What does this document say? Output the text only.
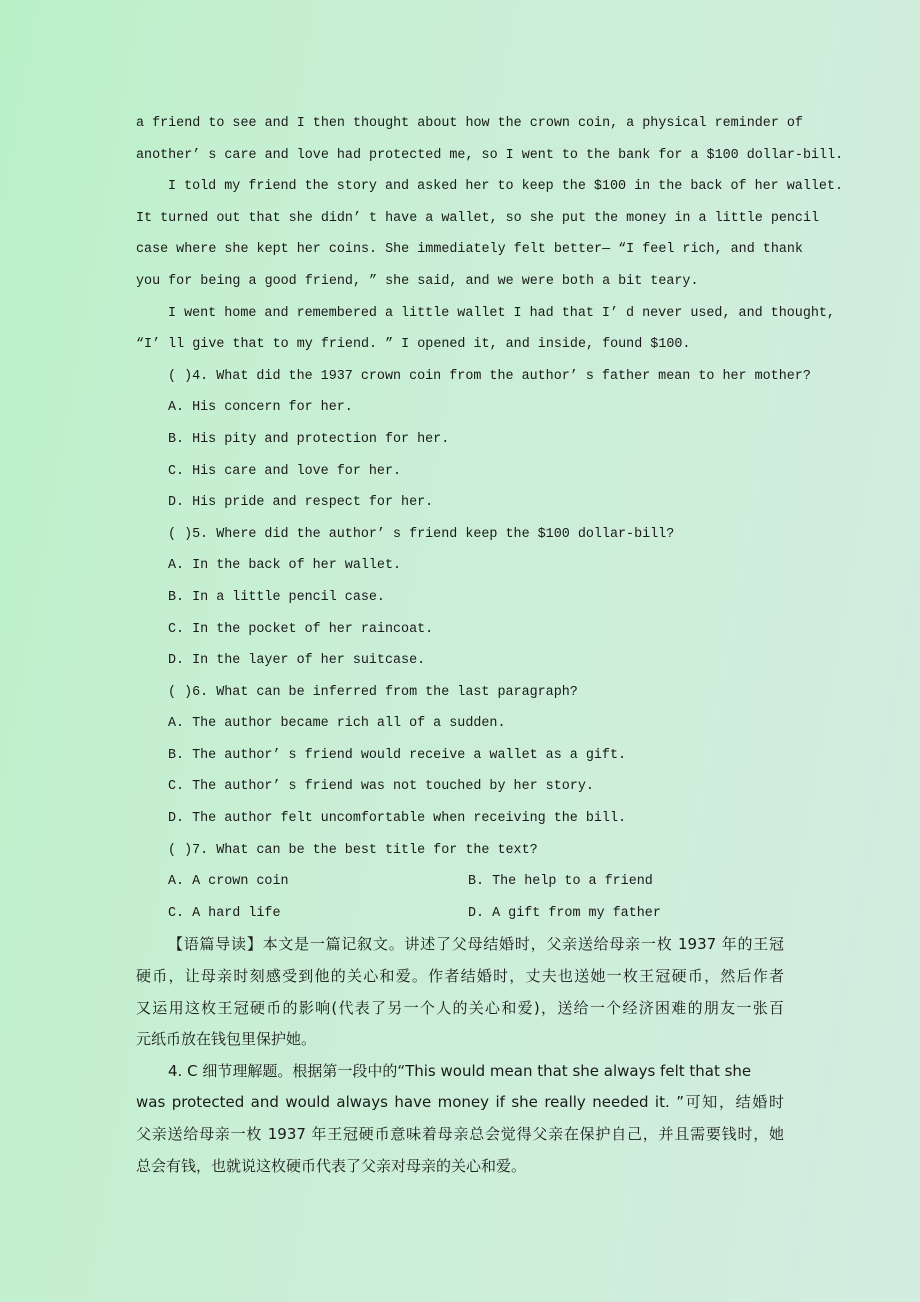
a friend to see and I then thought about how the crown coin, a physical reminder of
another’ s care and love had protected me, so I went to the bank for a $100 dollar-bill.
I told my friend the story and asked her to keep the $100 in the back of her wallet.
It turned out that she didn’ t have a wallet, so she put the money in a little pencil
case where she kept her coins. She immediately felt better— “I feel rich, and thank
you for being a good friend, ” she said, and we were both a bit teary.
I went home and remembered a little wallet I had that I’ d never used, and thought,
“I’ ll give that to my friend. ” I opened it, and inside, found $100.
( )4. What did the 1937 crown coin from the author’ s father mean to her mother?
A. His concern for her.
B. His pity and protection for her.
C. His care and love for her.
D. His pride and respect for her.
( )5. Where did the author’ s friend keep the $100 dollar-bill?
A. In the back of her wallet.
B. In a little pencil case.
C. In the pocket of her raincoat.
D. In the layer of her suitcase.
( )6. What can be inferred from the last paragraph?
A. The author became rich all of a sudden.
B. The author’ s friend would receive a wallet as a gift.
C. The author’ s friend was not touched by her story.
D. The author felt uncomfortable when receiving the bill.
( )7. What can be the best title for the text?
A. A crown coin	B. The help to a friend
C. A hard life	D. A gift from my father
【语篇导读】本文是一篇记叙文。讲述了父母结婚时，父亲送给母亲一枚 1937 年的王冠
硬币，让母亲时刻感受到他的关心和爱。作者结婚时，丈夫也送她一枚王冠硬币，然后作者
又运用这枚王冠硬币的影响(代表了另一个人的关心和爱)，送给一个经济困难的朋友一张百
元纸币放在钱包里保护她。
4. C 细节理解题。根据第一段中的“This would mean that she always felt that she
was protected and would always have money if she really needed it. ”可知，结婚时
父亲送给母亲一枚 1937 年王冠硬币意味着母亲总会觉得父亲在保护自己，并且需要钱时，她
总会有钱，也就说这枚硬币代表了父亲对母亲的关心和爱。
